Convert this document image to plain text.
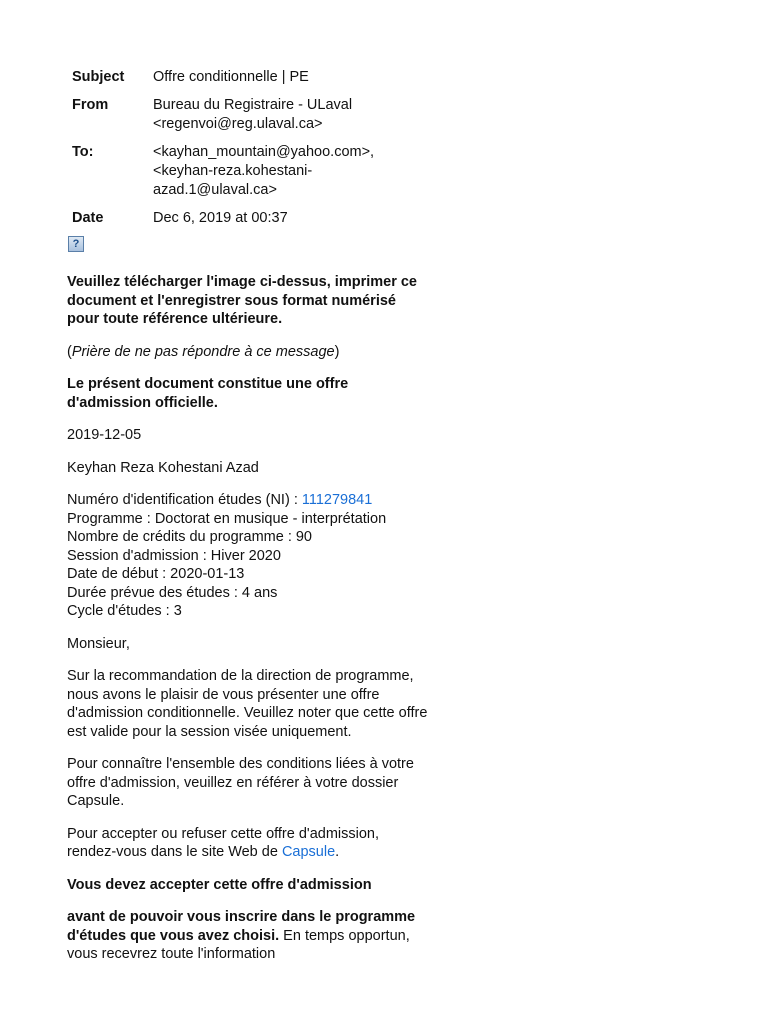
Subject	Offre conditionnelle | PE
From	Bureau du Registraire - ULaval
<regenvoi@reg.ulaval.ca>
To:	<kayhan_mountain@yahoo.com>,
<keyhan-reza.kohestani-
azad.1@ulaval.ca>
Date	Dec 6, 2019 at 00:37
?

Veuillez télécharger l'image ci-dessus, imprimer ce document et l'enregistrer sous format numérisé pour toute référence ultérieure.

(Prière de ne pas répondre à ce message)

Le présent document constitue une offre d'admission officielle.

2019-12-05

Keyhan Reza Kohestani Azad

Numéro d'identification études (NI) : 111279841

Programme : Doctorat en musique - interprétation

Nombre de crédits du programme : 90

Session d'admission : Hiver 2020

Date de début : 2020-01-13

Durée prévue des études : 4 ans

Cycle d'études : 3

Monsieur,

Sur la recommandation de la direction de programme, nous avons le plaisir de vous présenter une offre d'admission conditionnelle. Veuillez noter que cette offre est valide pour la session visée uniquement.

Pour connaître l'ensemble des conditions liées à votre offre d'admission, veuillez en référer à votre dossier Capsule.

Pour accepter ou refuser cette offre d'admission, rendez-vous dans le site Web de Capsule.

Vous devez accepter cette offre d'admission

avant de pouvoir vous inscrire dans le programme d'études que vous avez choisi. En temps opportun, vous recevrez toute l'information
